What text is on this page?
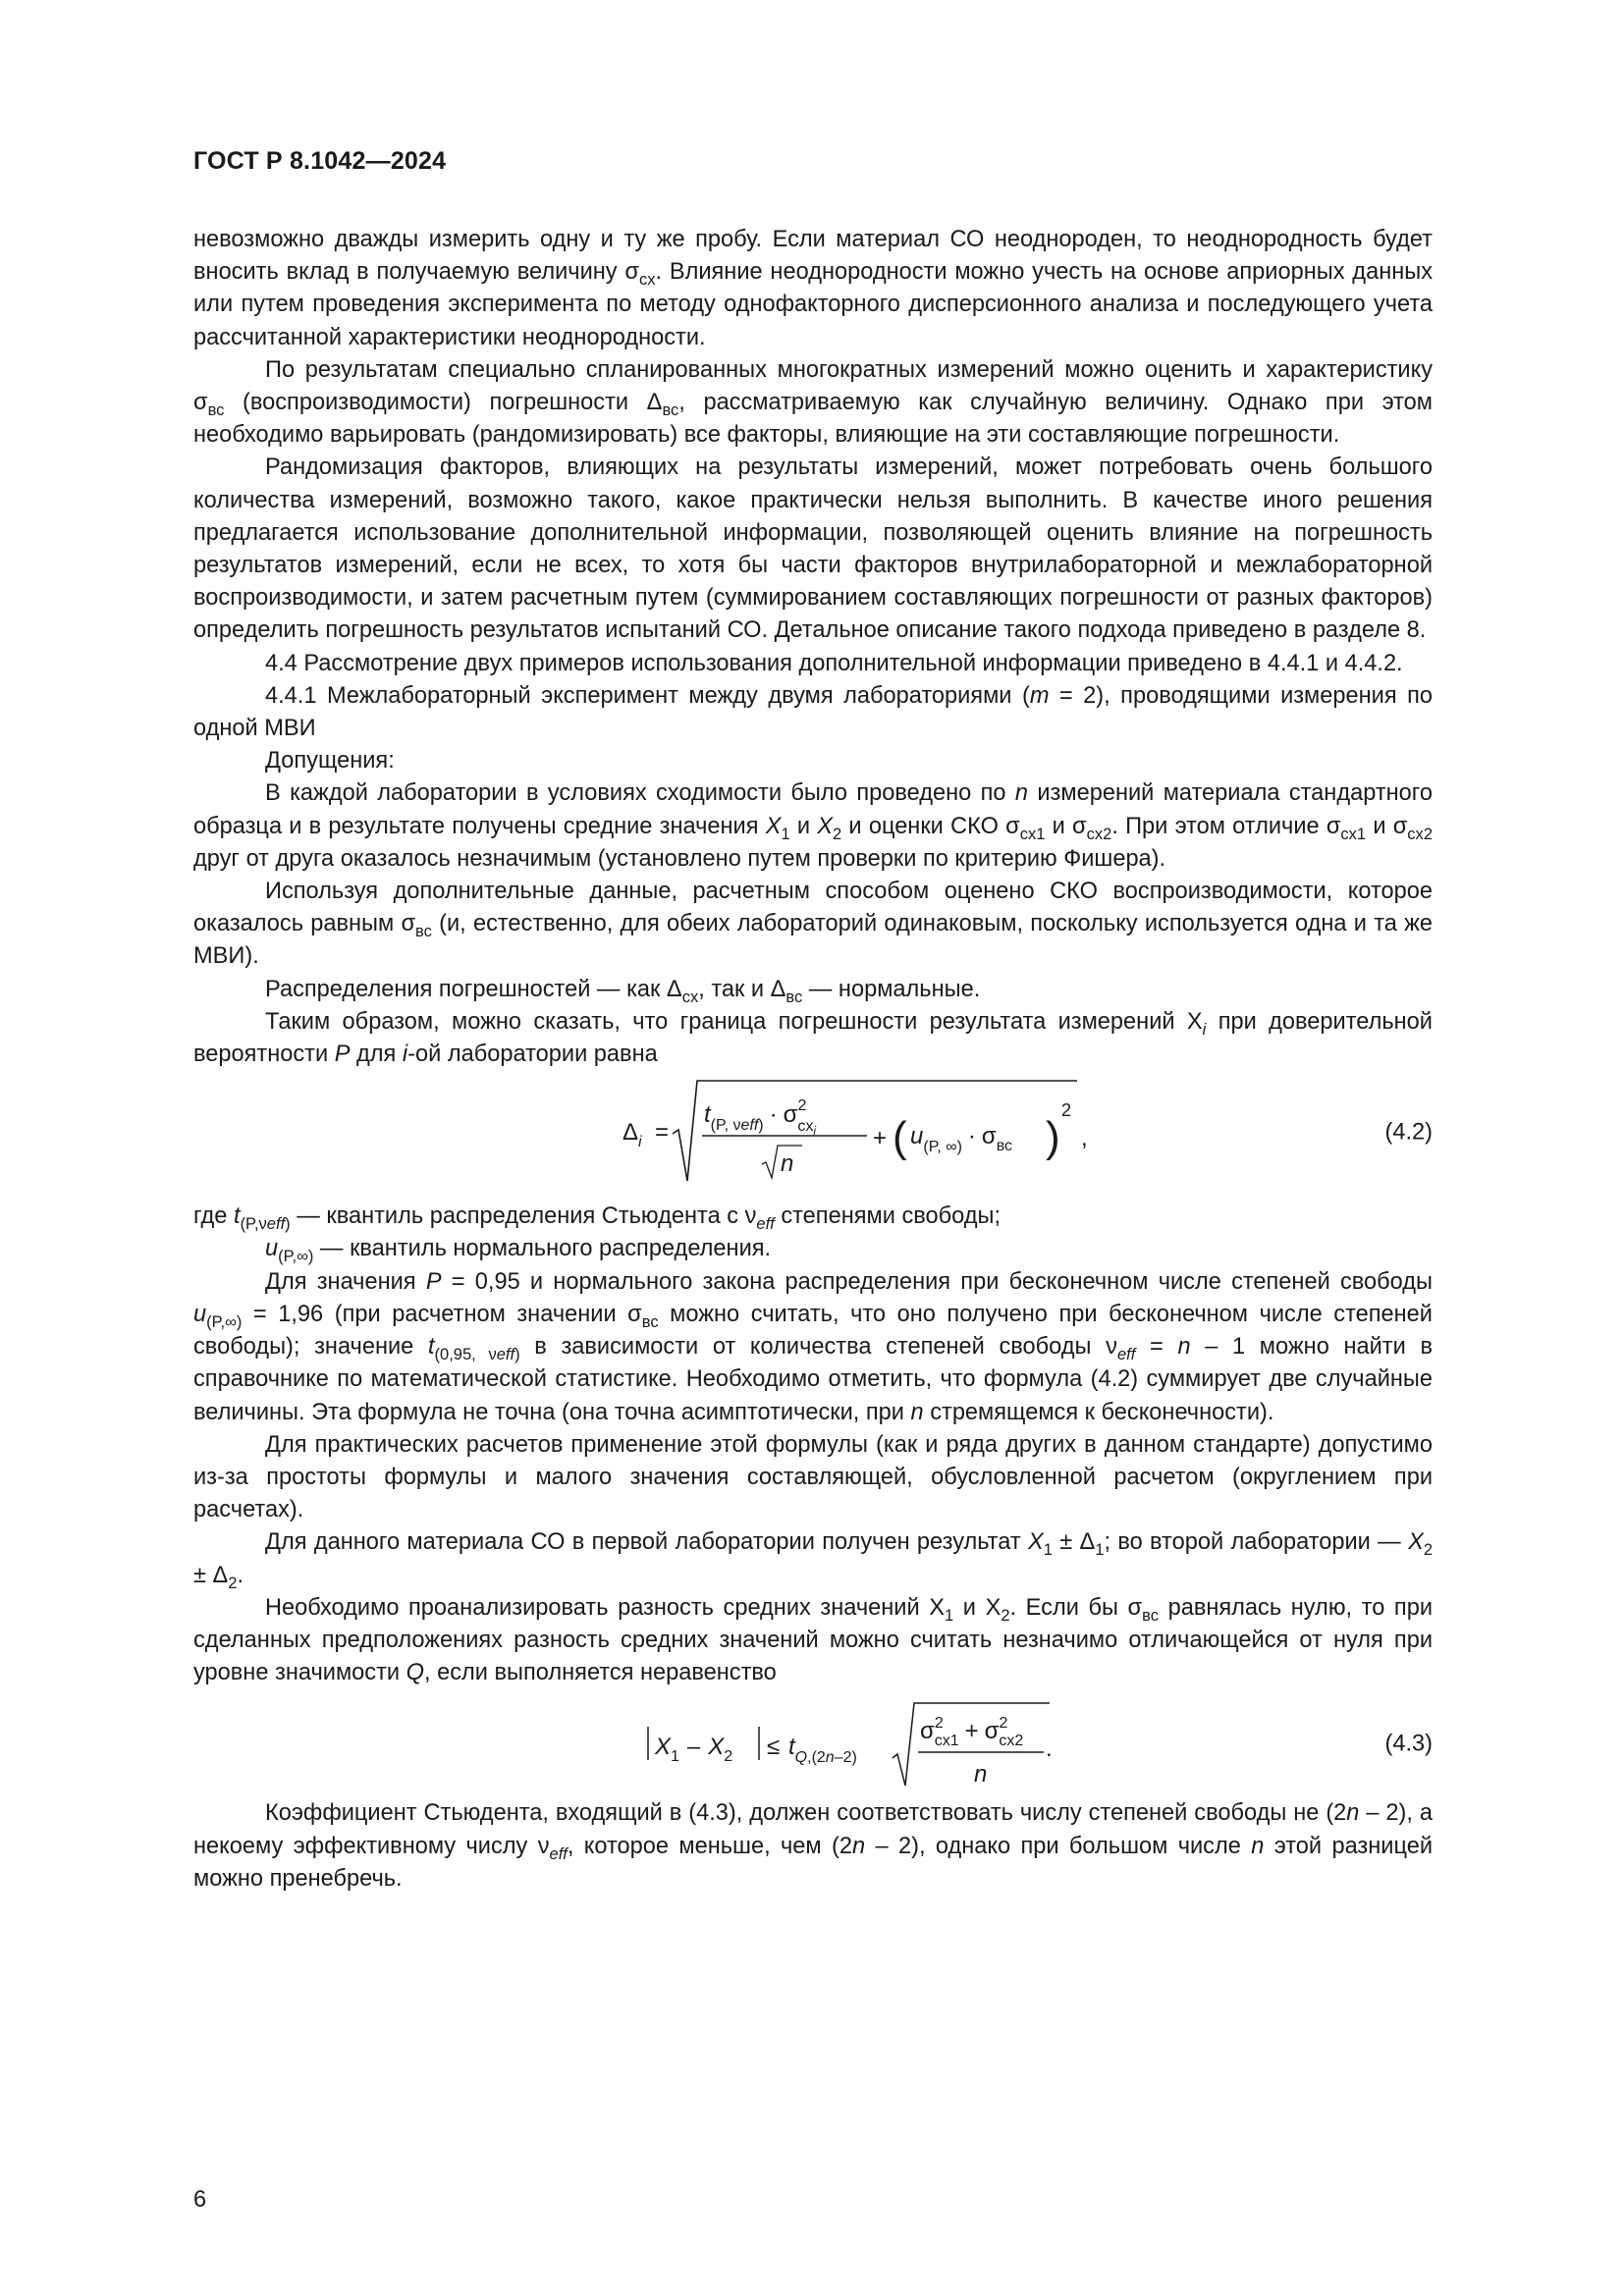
ГОСТ Р 8.1042—2024

невозможно дважды измерить одну и ту же пробу. Если материал СО неоднороден, то неоднородность будет вносить вклад в получаемую величину $\sigma_{сх}$. Влияние неоднородности можно учесть на основе априорных данных или путем проведения эксперимента по методу однофакторного дисперсионного анализа и последующего учета рассчитанной характеристики неоднородности.

По результатам специально спланированных многократных измерений можно оценить и характеристику $\sigma_{вс}$ (воспроизводимости) погрешности $\Delta_{вс}$, рассматриваемую как случайную величину. Однако при этом необходимо варьировать (рандомизировать) все факторы, влияющие на эти составляющие погрешности.

Рандомизация факторов, влияющих на результаты измерений, может потребовать очень большого количества измерений, возможно такого, какое практически нельзя выполнить. В качестве иного решения предлагается использование дополнительной информации, позволяющей оценить влияние на погрешность результатов измерений, если не всех, то хотя бы части факторов внутрилабораторной и межлабораторной воспроизводимости, и затем расчетным путем (суммированием составляющих погрешности от разных факторов) определить погрешность результатов испытаний СО. Детальное описание такого подхода приведено в разделе 8.

4.4 Рассмотрение двух примеров использования дополнительной информации приведено в 4.4.1 и 4.4.2.

4.4.1 Межлабораторный эксперимент между двумя лабораториями (m = 2), проводящими измерения по одной МВИ

Допущения:

В каждой лаборатории в условиях сходимости было проведено по n измерений материала стандартного образца и в результате получены средние значения $X_1$ и $X_2$ и оценки СКО $\sigma_{сх1}$ и $\sigma_{сх2}$. При этом отличие $\sigma_{сх1}$ и $\sigma_{сх2}$ друг от друга оказалось незначимым (установлено путем проверки по критерию Фишера).

Используя дополнительные данные, расчетным способом оценено СКО воспроизводимости, которое оказалось равным $\sigma_{вс}$ (и, естественно, для обеих лабораторий одинаковым, поскольку используется одна и та же МВИ).

Распределения погрешностей — как $\Delta_{сх}$, так и $\Delta_{вс}$ — нормальные.

Таким образом, можно сказать, что граница погрешности результата измерений $X_i$ при доверительной вероятности P для i-ой лаборатории равна

$\Delta_i$ =
$t_{(P, \nu eff)} \cdot \sigma^2$ схi
n
+ ( $u_{(P, \infty)} \cdot \sigma_{вс}$ )
2
,	(4.2)

где $t_{(P,\nu eff)}$ — квантиль распределения Стьюдента с $\nu_{eff}$ степенями свободы;

$u_{(P,\infty)}$ — квантиль нормального распределения.

Для значения P = 0,95 и нормального закона распределения при бесконечном числе степеней свободы $u_{(P,\infty)} = 1,96$ (при расчетном значении $\sigma_{вс}$ можно считать, что оно получено при бесконечном числе степеней свободы); значение $t_{(0,95, \nu eff)}$ в зависимости от количества степеней свободы $\nu_{eff} = n - 1$ можно найти в справочнике по математической статистике. Необходимо отметить, что формула (4.2) суммирует две случайные величины. Эта формула не точна (она точна асимптотически, при n стремящемся к бесконечности).

Для практических расчетов применение этой формулы (как и ряда других в данном стандарте) допустимо из-за простоты формулы и малого значения составляющей, обусловленной расчетом (округлением при расчетах).

Для данного материала СО в первой лаборатории получен результат $X_1 \pm \Delta_1$; во второй лаборатории — $X_2 \pm \Delta_2$.

Необходимо проанализировать разность средних значений $X_1$ и $X_2$. Если бы $\sigma_{вс}$ равнялась нулю, то при сделанных предположениях разность средних значений можно считать незначимо отличающейся от нуля при уровне значимости Q, если выполняется неравенство

$X_1 - X_2 \le t_Q,(2n-2)$
$\sigma^2$ $сх1 + \sigma^2$ сх2
n
.	(4.3)

Коэффициент Стьюдента, входящий в (4.3), должен соответствовать числу степеней свободы не (2n – 2), а некоему эффективному числу $\nu_{eff}$, которое меньше, чем (2n – 2), однако при большом числе n этой разницей можно пренебречь.

6
